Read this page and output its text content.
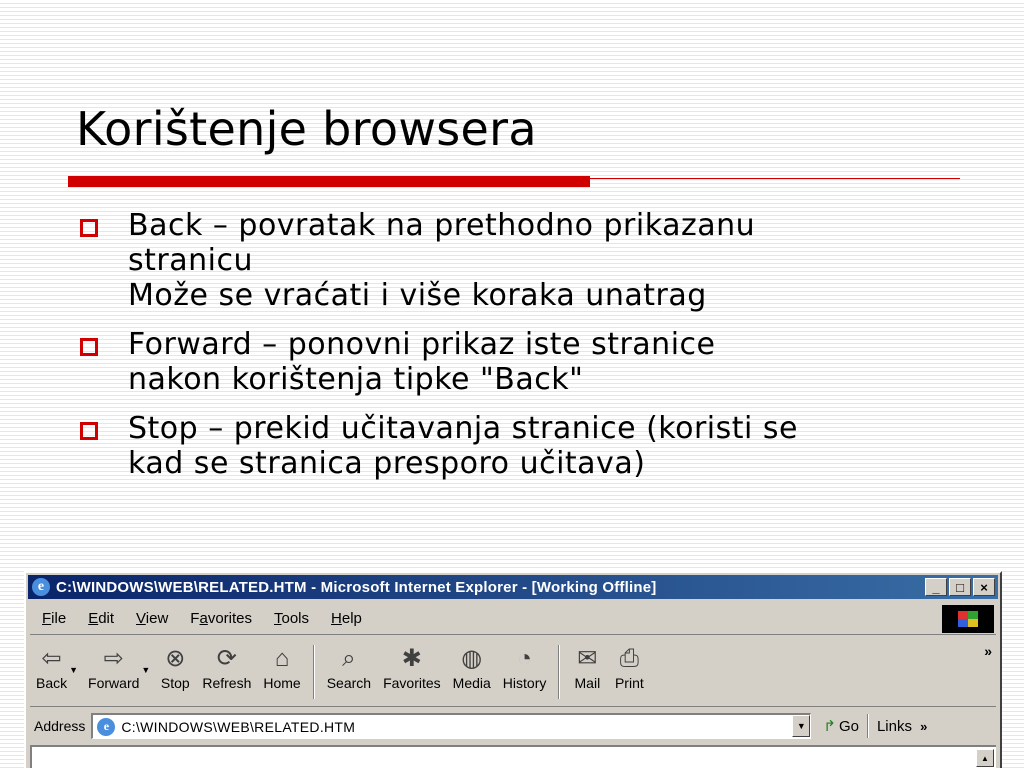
Korištenje browsera
Back – povratak na prethodno prikazanu
stranicu
Može se vraćati i više koraka unatrag
Forward – ponovni prikaz iste stranice
nakon korištenja tipke "Back"
Stop – prekid učitavanja stranice (koristi se
kad se stranica presporo učitava)
e C:\WINDOWS\WEB\RELATED.HTM - Microsoft Internet Explorer - [Working Offline]	_	□	×
File Edit View Favorites Tools Help
⇦
Back
▼ ⇨
Forward
▼ ⊗
Stop
⟳
Refresh
⌂
Home
⌕
Search
✱
Favorites
◍
Media
◔
History
✉
Mail
⎙
Print
»
Address	e C:\WINDOWS\WEB\RELATED.HTM	▼	↱ Go Links »
▲
